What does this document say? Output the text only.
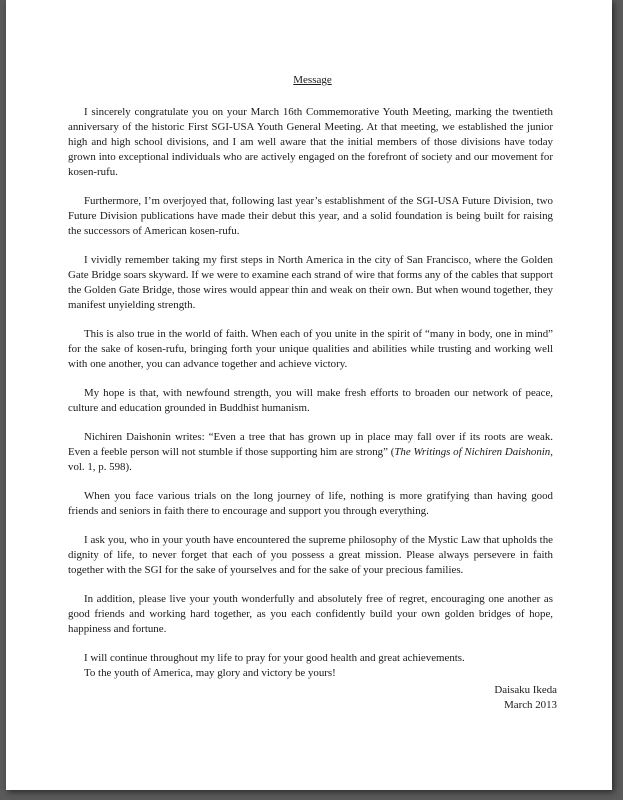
Message

I sincerely congratulate you on your March 16th Commemorative Youth Meeting, marking the twentieth anniversary of the historic First SGI-USA Youth General Meeting. At that meeting, we established the junior high and high school divisions, and I am well aware that the initial members of those divisions have today grown into exceptional individuals who are actively engaged on the forefront of society and our movement for kosen-rufu.

Furthermore, I’m overjoyed that, following last year’s establishment of the SGI-USA Future Division, two Future Division publications have made their debut this year, and a solid foundation is being built for raising the successors of American kosen-rufu.

I vividly remember taking my first steps in North America in the city of San Francisco, where the Golden Gate Bridge soars skyward. If we were to examine each strand of wire that forms any of the cables that support the Golden Gate Bridge, those wires would appear thin and weak on their own. But when wound together, they manifest unyielding strength.

This is also true in the world of faith. When each of you unite in the spirit of “many in body, one in mind” for the sake of kosen-rufu, bringing forth your unique qualities and abilities while trusting and working well with one another, you can advance together and achieve victory.

My hope is that, with newfound strength, you will make fresh efforts to broaden our network of peace, culture and education grounded in Buddhist humanism.

Nichiren Daishonin writes: “Even a tree that has grown up in place may fall over if its roots are weak. Even a feeble person will not stumble if those supporting him are strong” (The Writings of Nichiren Daishonin, vol. 1, p. 598).

When you face various trials on the long journey of life, nothing is more gratifying than having good friends and seniors in faith there to encourage and support you through everything.

I ask you, who in your youth have encountered the supreme philosophy of the Mystic Law that upholds the dignity of life, to never forget that each of you possess a great mission. Please always persevere in faith together with the SGI for the sake of yourselves and for the sake of your precious families.

In addition, please live your youth wonderfully and absolutely free of regret, encouraging one another as good friends and working hard together, as you each confidently build your own golden bridges of hope, happiness and fortune.

I will continue throughout my life to pray for your good health and great achievements.

To the youth of America, may glory and victory be yours!

Daisaku Ikeda
March 2013
